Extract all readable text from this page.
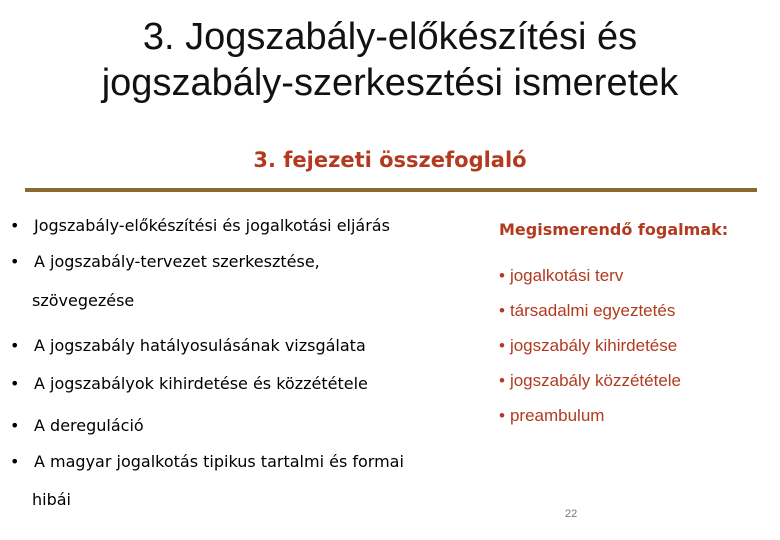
3. Jogszabály-előkészítési és
jogszabály-szerkesztési ismeretek
3. fejezeti összefoglaló
• Jogszabály-előkészítési és jogalkotási eljárás
• A jogszabály-tervezet szerkesztése,
szövegezése
• A jogszabály hatályosulásának vizsgálata
• A jogszabályok kihirdetése és közzététele
• A dereguláció
• A magyar jogalkotás tipikus tartalmi és formai
hibái
Megismerendő fogalmak:
• jogalkotási terv
• társadalmi egyeztetés
• jogszabály kihirdetése
• jogszabály közzététele
• preambulum
22
